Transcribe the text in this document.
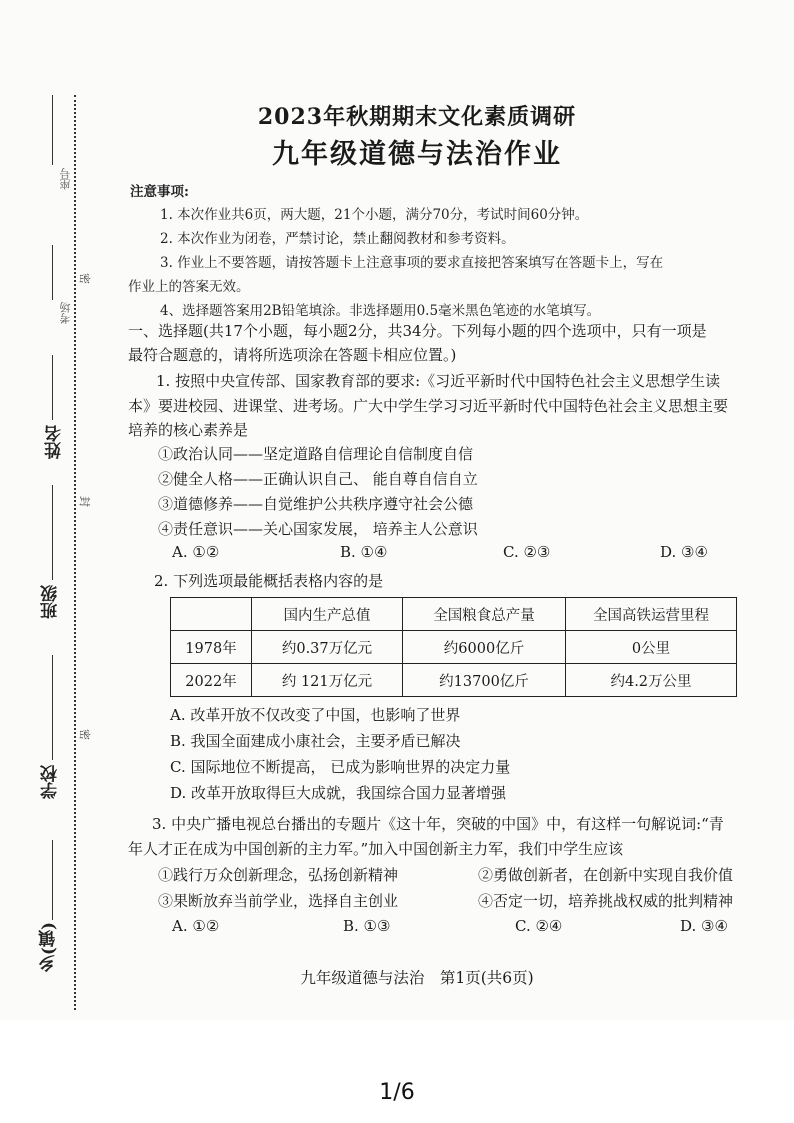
座号
考场
姓名
班级
学校
乡(镇)
密
封
密
2023年秋期期末文化素质调研
九年级道德与法治作业
注意事项:
1. 本次作业共6页，两大题，21个小题，满分70分，考试时间60分钟。
2. 本次作业为闭卷，严禁讨论，禁止翻阅教材和参考资料。
3. 作业上不要答题，请按答题卡上注意事项的要求直接把答案填写在答题卡上，写在
作业上的答案无效。
4、选择题答案用2B铅笔填涂。非选择题用0.5毫米黑色笔迹的水笔填写。
一、选择题(共17个小题，每小题2分，共34分。下列每小题的四个选项中，只有一项是
最符合题意的，请将所选项涂在答题卡相应位置。)
1. 按照中央宣传部、国家教育部的要求:《习近平新时代中国特色社会主义思想学生读
本》要进校园、进课堂、进考场。广大中学生学习习近平新时代中国特色社会主义思想主要
培养的核心素养是
①政治认同——坚定道路自信理论自信制度自信
②健全人格——正确认识自己、 能自尊自信自立
③道德修养——自觉维护公共秩序遵守社会公德
④责任意识——关心国家发展， 培养主人公意识
A. ①②	B. ①④	C. ②③	D. ③④
2. 下列选项最能概括表格内容的是
	国内生产总值	全国粮食总产量	全国高铁运营里程
1978年	约0.37万亿元	约6000亿斤	0公里
2022年	约 121万亿元	约13700亿斤	约4.2万公里
A. 改革开放不仅改变了中国，也影响了世界
B. 我国全面建成小康社会，主要矛盾已解决
C. 国际地位不断提高， 已成为影响世界的决定力量
D. 改革开放取得巨大成就，我国综合国力显著增强
3. 中央广播电视总台播出的专题片《这十年，突破的中国》中，有这样一句解说词:“青
年人才正在成为中国创新的主力军。”加入中国创新主力军，我们中学生应该
①践行万众创新理念，弘扬创新精神	②勇做创新者，在创新中实现自我价值
③果断放弃当前学业，选择自主创业	④否定一切，培养挑战权威的批判精神
A. ①②	B. ①③	C. ②④	D. ③④
九年级道德与法治　第1页(共6页)
1/6
